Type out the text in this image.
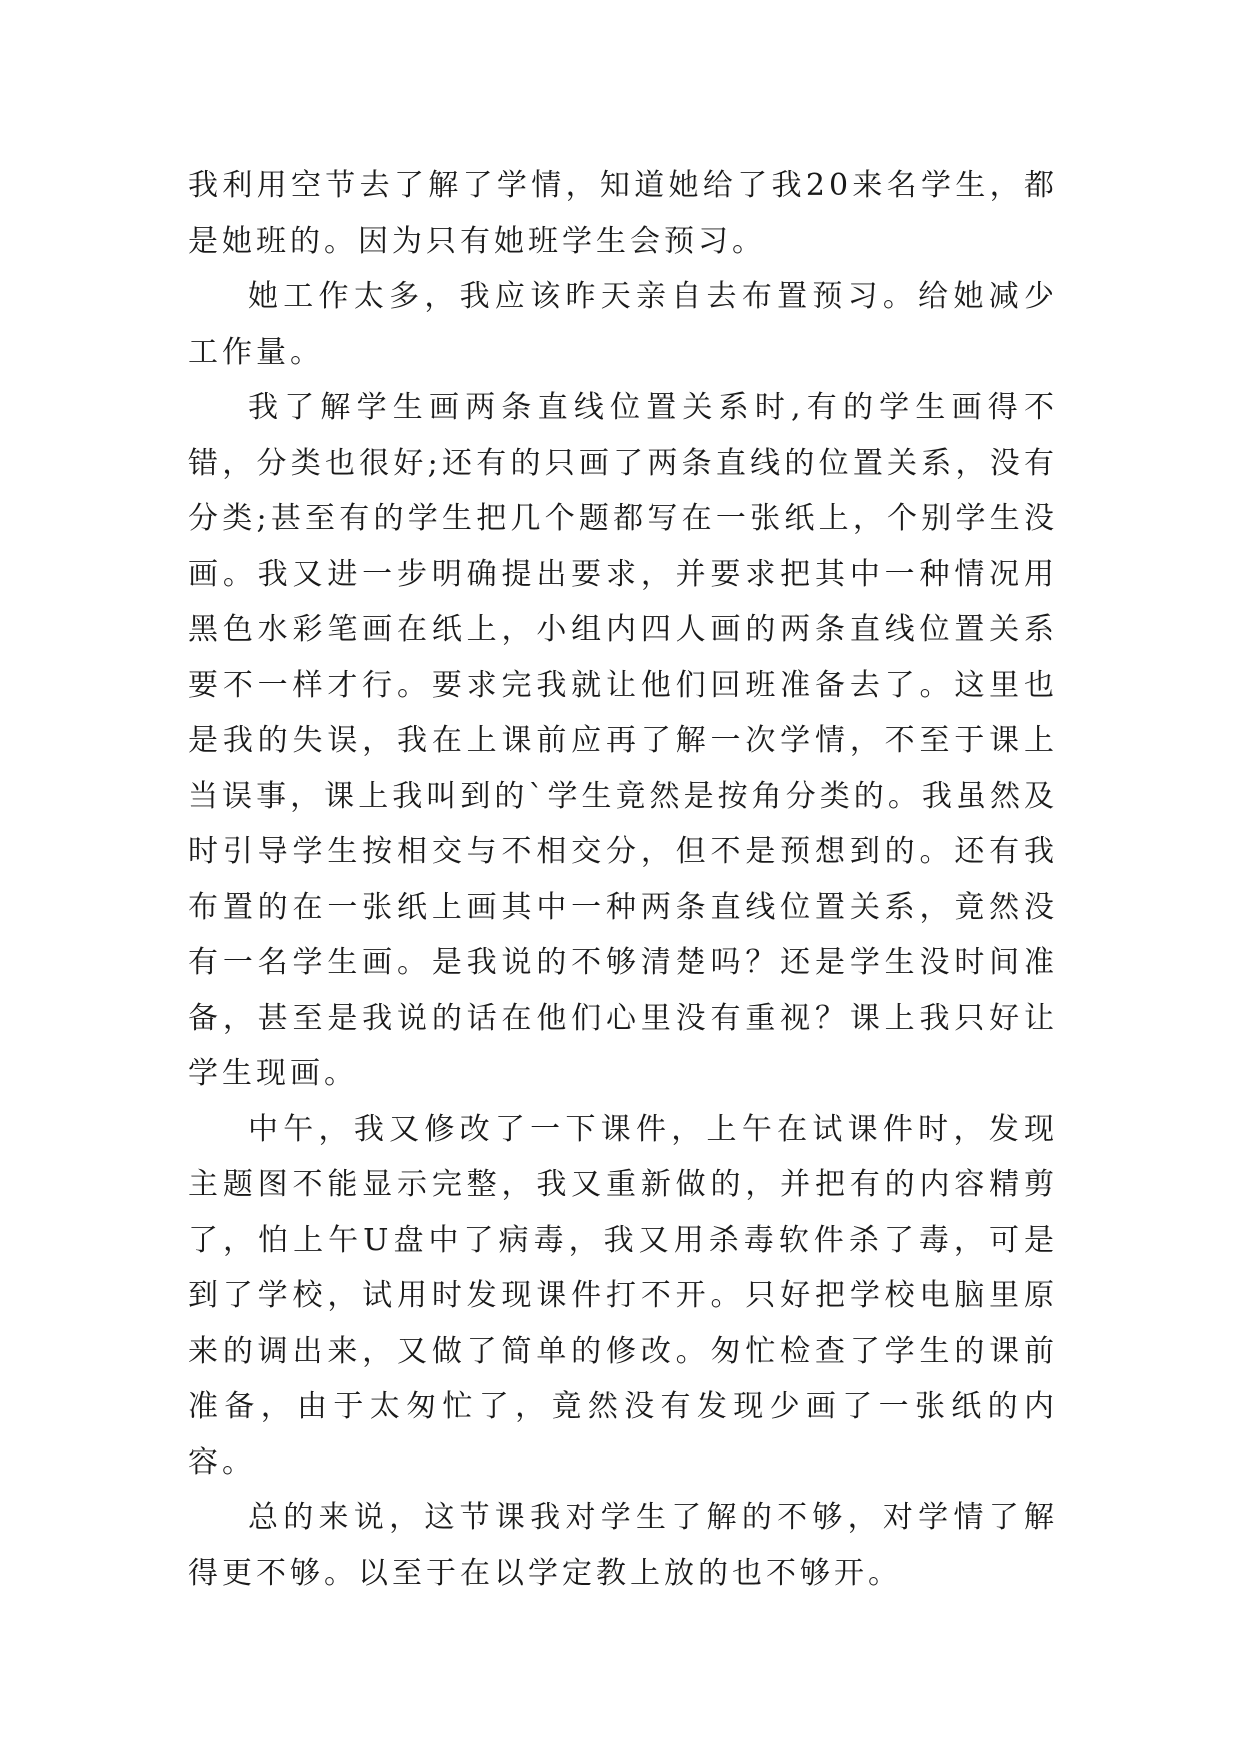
我利用空节去了解了学情，知道她给了我20来名学生，都是她班的。因为只有她班学生会预习。

她工作太多，我应该昨天亲自去布置预习。给她减少工作量。

我了解学生画两条直线位置关系时,有的学生画得不错，分类也很好;还有的只画了两条直线的位置关系，没有分类;甚至有的学生把几个题都写在一张纸上，个别学生没画。我又进一步明确提出要求，并要求把其中一种情况用黑色水彩笔画在纸上，小组内四人画的两条直线位置关系要不一样才行。要求完我就让他们回班准备去了。这里也是我的失误，我在上课前应再了解一次学情，不至于课上当误事，课上我叫到的`学生竟然是按角分类的。我虽然及时引导学生按相交与不相交分，但不是预想到的。还有我布置的在一张纸上画其中一种两条直线位置关系，竟然没有一名学生画。是我说的不够清楚吗？还是学生没时间准备，甚至是我说的话在他们心里没有重视？课上我只好让学生现画。

中午，我又修改了一下课件，上午在试课件时，发现主题图不能显示完整，我又重新做的，并把有的内容精剪了，怕上午U盘中了病毒，我又用杀毒软件杀了毒，可是到了学校，试用时发现课件打不开。只好把学校电脑里原来的调出来，又做了简单的修改。匆忙检查了学生的课前准备，由于太匆忙了，竟然没有发现少画了一张纸的内容。

总的来说，这节课我对学生了解的不够，对学情了解得更不够。以至于在以学定教上放的也不够开。
